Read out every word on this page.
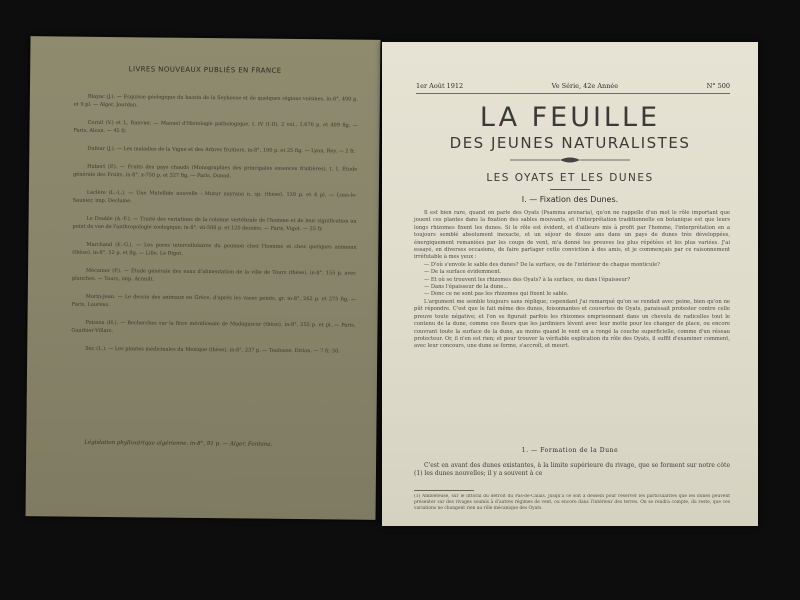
LIVRES NOUVEAUX PUBLIÉS EN FRANCE
Blayac (J.). — Esquisse géologique du bassin de la Seybouse et de quelques régions voisines, in-8°, 490 p. et 9 pl. — Alger, Jourdan.
Cornil (V.) et L. Ranvier. — Manuel d'Histologie pathologique, t. IV (I-II), 2 vol., 1,070 p. et 409 fig. — Paris, Alcan. — 45 fr.
Dufour (J.). — Les maladies de la Vigne et des Arbres fruitiers, in-8°, 190 p. et 25 fig. — Lyon, Rey. — 2 fr.
Hubert (P.). — Fruits des pays chauds (Monographies des principales essences fruitières), t. I, Étude générale des Fruits, in-8°, x-750 p. et 327 fig. — Paris, Dunod.
Leclère (L.-L.). — Une Mutellide nouvelle : Mutur nayrana n. sp. (thèse), 120 p. et 4 pl. — Lons-le-Saunier, imp. Declume.
Le Double (A.-F.). — Traité des variations de la colonne vertébrale de l'homme et de leur signification au point de vue de l'anthropologie zoologique, in-8°, vii-500 p. et 120 dessins. — Paris, Vigot. — 25 fr.
Marchand (E.-G.). — Les pores intercellulaires du poumon chez l'homme et chez quelques animaux (thèse), in-8°, 52 p. et fig. — Lille, Le Bigot.
Mécanier (P.). — Étude générale des eaux d'alimentation de la ville de Tours (thèse), in-8°, 155 p. avec planches. — Tours, imp. Arrault.
Morin-Jean. — Le dessin des animaux en Grèce, d'après les vases peints, gr. in-8°, 262 p. et 275 fig. — Paris, Laurens.
Poisson (H.). — Recherches sur la flore méridionale de Madagascar (thèse), in-8°, 255 p. et pl. — Paris, Gauthier-Villars.
Suc (L.). — Les plantes médicinales du Mexique (thèse), in-8°, 237 p. — Toulouse, Dirion. — 7 fr. 50.
Législation phylloxérique algérienne, in-8°, 91 p. — Alger, Fontana.
1er Août 1912	Ve Série, 42e Année	N° 500
LA FEUILLE
DES JEUNES NATURALISTES
LES OYATS ET LES DUNES
I. — Fixation des Dunes.

Il est bien rare, quand on parle des Oyats (Psamma arenaria), qu'on ne rappelle d'un mot le rôle important que jouent ces plantes dans la fixation des sables mouvants, et l'interprétation traditionnelle en botanique est que leurs longs rhizomes fixent les dunes. Si le rôle est évident, et d'ailleurs mis à profit par l'homme, l'interprétation en a toujours semblé absolument inexacte, et un séjour de douze ans dans un pays de dunes très développées, énergiquement remaniées par les coups de vent, m'a donné les preuves les plus répétées et les plus variées. J'ai essayé, en diverses occasions, de faire partager cette conviction à des amis, et je commençais par ce raisonnement irréfutable à mes yeux :

— D'où s'envole le sable des dunes? De la surface, ou de l'intérieur de chaque monticule?

— De la surface évidemment.

— Et où se trouvent les rhizomes des Oyats? à la surface, ou dans l'épaisseur?

— Dans l'épaisseur de la dune...

— Donc ce ne sont pas les rhizomes qui fixent le sable.

L'argument me semble toujours sans réplique; cependant j'ai remarqué qu'on se rendait avec peine, bien qu'on ne pût répondre. C'est que le fait même des dunes, foisonnantes et couvertes de Oyats, paraissait protester contre celle preuve toute négative; et l'on se figurait parfois les rhizomes emprisonnant dans un chevelu de radicelles tout le contenu de la dune, comme ces fleurs que les jardiniers lèvent avec leur motte pour les changer de place, ou encore couvrant toute la surface de la dune, au moins quand le vent en a rongé la couche superficielle, comme d'un réseau protecteur. Or, il n'en est rien; et pour trouver la véritable explication du rôle des Oyats, il suffit d'examiner comment, avec leur concours, une dune se forme, s'accroît, et meurt.

1. — Formation de la Dune

C'est en avant des dunes existantes, à la limite supérieure du rivage, que se forment sur notre côte (1) les dunes nouvelles; il y a souvent à ce

(1) Ambleteuse, sur le littoral du détroit du Pas-de-Calais. Jusqu'à ce soit à dessein pour réserver les particularités que les dunes peuvent présenter sur des rivages soumis à d'autres régimes de vent, ou encore dans l'intérieur des terres. On se rendra compte, du reste, que ces variations ne changent rien au rôle mécanique des Oyats.
